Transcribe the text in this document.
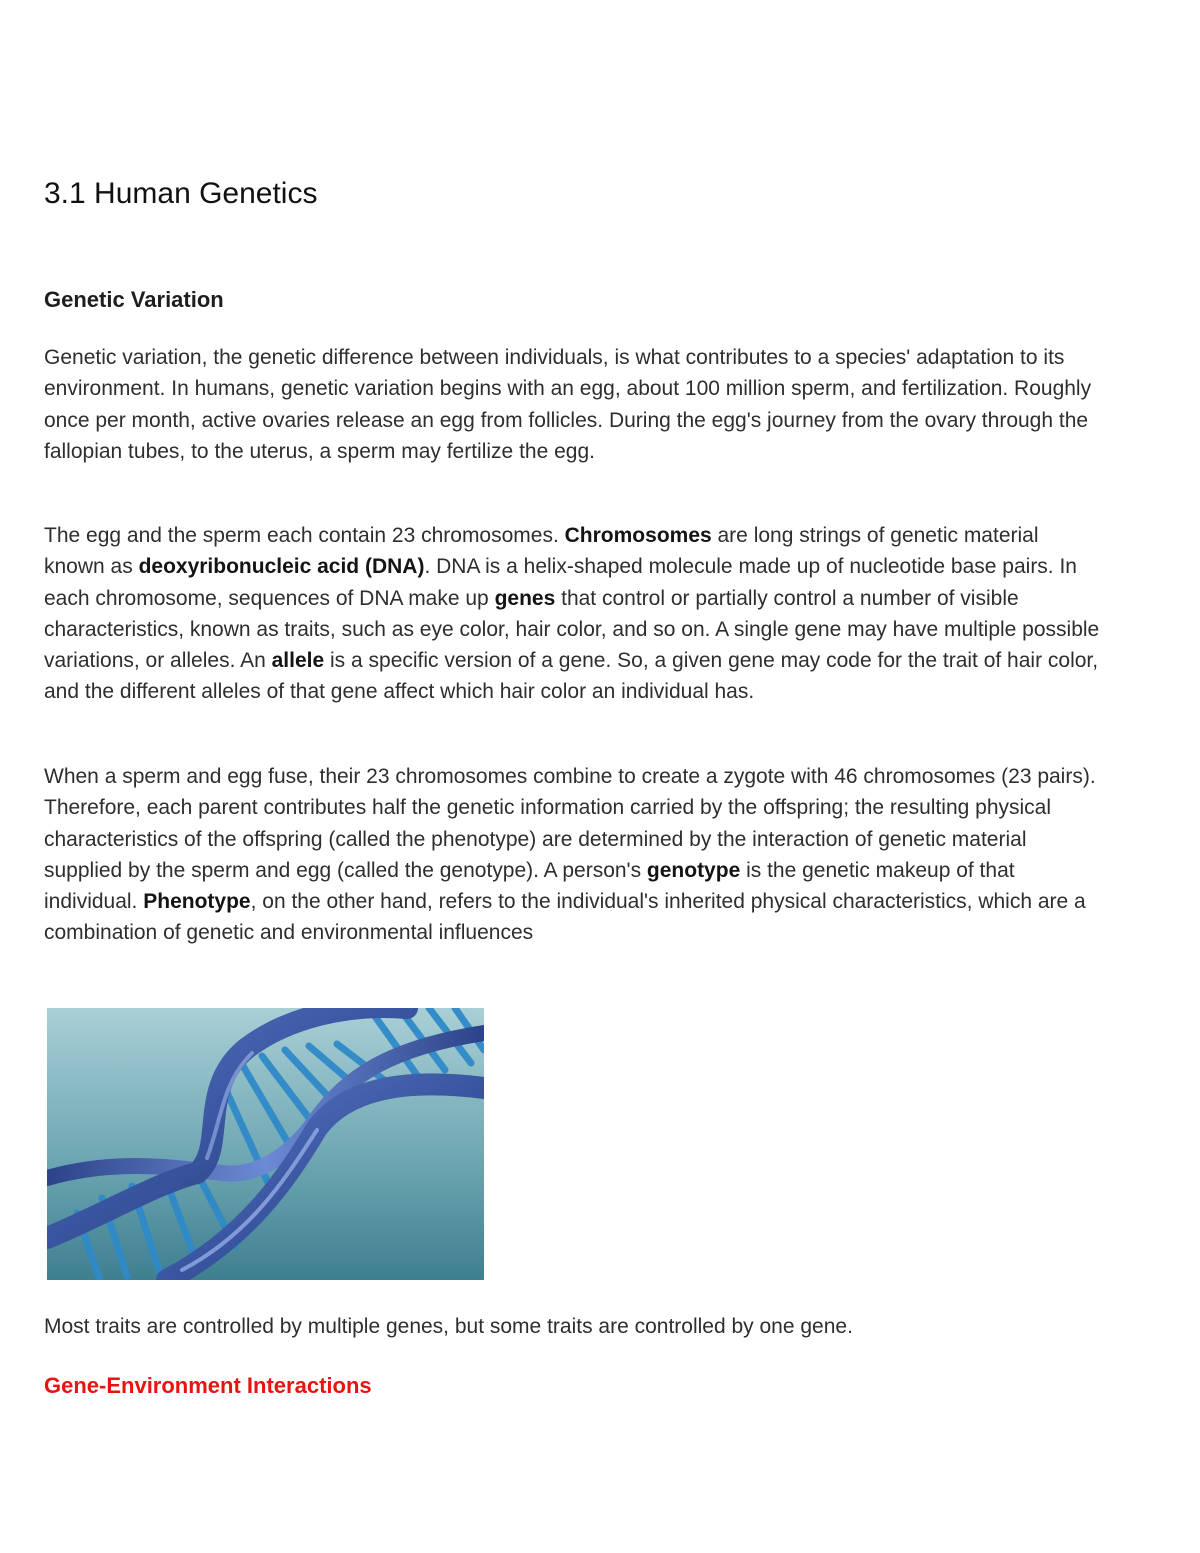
3.1 Human Genetics
Genetic Variation

Genetic variation, the genetic difference between individuals, is what contributes to a species' adaptation to its environment. In humans, genetic variation begins with an egg, about 100 million sperm, and fertilization. Roughly once per month, active ovaries release an egg from follicles. During the egg's journey from the ovary through the fallopian tubes, to the uterus, a sperm may fertilize the egg.

The egg and the sperm each contain 23 chromosomes. Chromosomes are long strings of genetic material known as deoxyribonucleic acid (DNA). DNA is a helix-shaped molecule made up of nucleotide base pairs. In each chromosome, sequences of DNA make up genes that control or partially control a number of visible characteristics, known as traits, such as eye color, hair color, and so on. A single gene may have multiple possible variations, or alleles. An allele is a specific version of a gene. So, a given gene may code for the trait of hair color, and the different alleles of that gene affect which hair color an individual has.

When a sperm and egg fuse, their 23 chromosomes combine to create a zygote with 46 chromosomes (23 pairs). Therefore, each parent contributes half the genetic information carried by the offspring; the resulting physical characteristics of the offspring (called the phenotype) are determined by the interaction of genetic material supplied by the sperm and egg (called the genotype). A person's genotype is the genetic makeup of that individual. Phenotype, on the other hand, refers to the individual's inherited physical characteristics, which are a combination of genetic and environmental influences

Most traits are controlled by multiple genes, but some traits are controlled by one gene.

Gene-Environment Interactions
